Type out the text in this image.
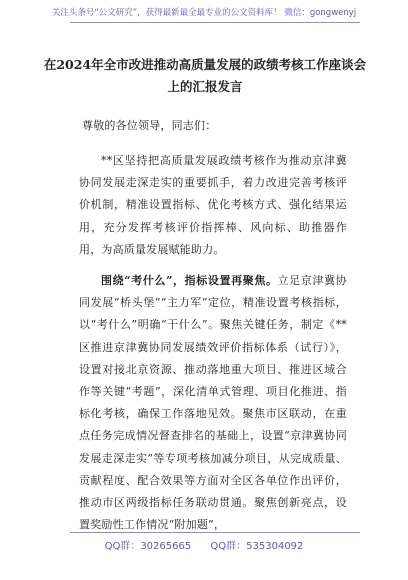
关注头条号“公文研究”，获得最新最全最专业的公文资料库！ 微信：gongwenyj
在2024年全市改进推动高质量发展的政绩考核工作座谈会
上的汇报发言
尊敬的各位领导，同志们：
**区坚持把高质量发展政绩考核作为推动京津冀协同发展走深走实的重要抓手，着力改进完善考核评价机制，精准设置指标、优化考核方式、强化结果运用，充分发挥考核评价指挥棒、风向标、助推器作用，为高质量发展赋能助力。
围绕“考什么”，指标设置再聚焦。立足京津冀协同发展“桥头堡”“主力军”定位，精准设置考核指标，以“考什么”明确“干什么”。聚焦关键任务，制定《**区推进京津冀协同发展绩效评价指标体系（试行）》，设置对接北京资源、推动落地重大项目、推进区域合作等关键“考题”，深化清单式管理、项目化推进、指标化考核，确保工作落地见效。聚焦市区联动，在重点任务完成情况督查排名的基础上，设置“京津冀协同发展走深走实”等专项考核加减分项目，从完成质量、贡献程度、配合效果等方面对全区各单位作出评价，推动市区两级指标任务联动贯通。聚焦创新亮点，设置奖励性工作情况“附加题”，
QQ群：30265665 QQ群：535304092
